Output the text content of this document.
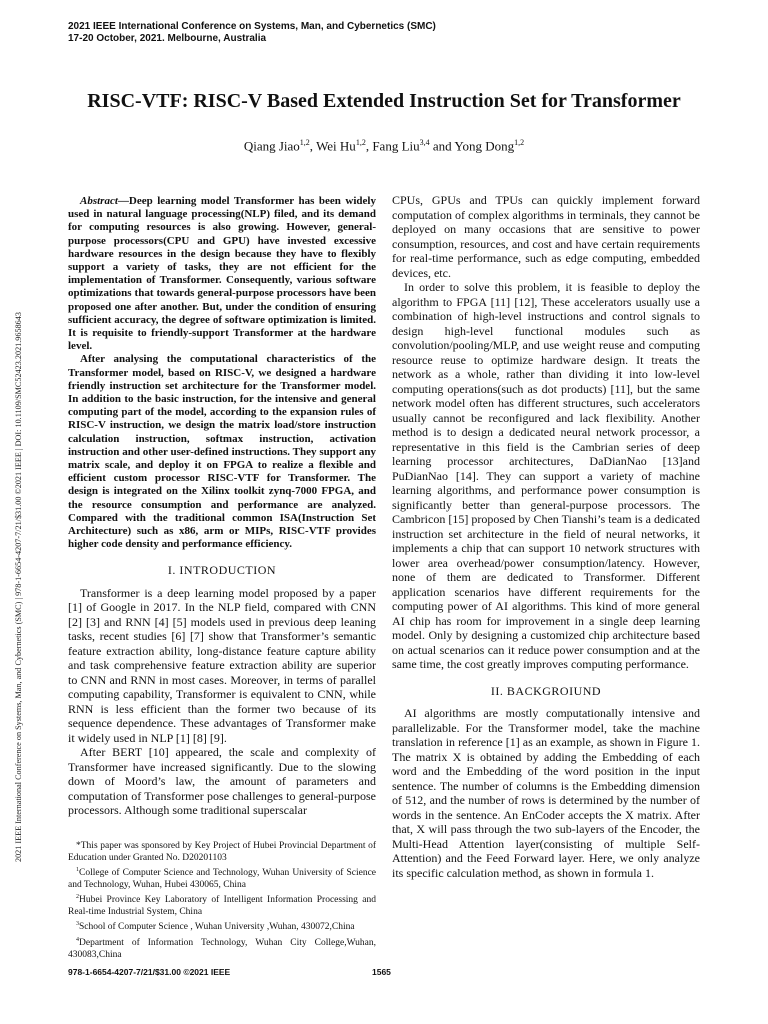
2021 IEEE International Conference on Systems, Man, and Cybernetics (SMC)
17-20 October, 2021. Melbourne, Australia
RISC-VTF: RISC-V Based Extended Instruction Set for Transformer
Qiang Jiao$^{1,2}$, Wei Hu$^{1,2}$, Fang Liu$^{3,4}$ and Yong Dong$^{1,2}$
2021 IEEE International Conference on Systems, Man, and Cybernetics (SMC) | 978-1-6654-4207-7/21/$31.00 ©2021 IEEE | DOI: 10.1109/SMC52423.2021.9658643

Abstract—Deep learning model Transformer has been widely used in natural language processing(NLP) filed, and its demand for computing resources is also growing. However, general-purpose processors(CPU and GPU) have invested excessive hardware resources in the design because they have to flexibly support a variety of tasks, they are not efficient for the implementation of Transformer. Consequently, various software optimizations that towards general-purpose processors have been proposed one after another. But, under the condition of ensuring sufficient accuracy, the degree of software optimization is limited. It is requisite to friendly-support Transformer at the hardware level.

After analysing the computational characteristics of the Transformer model, based on RISC-V, we designed a hardware friendly instruction set architecture for the Transformer model. In addition to the basic instruction, for the intensive and general computing part of the model, according to the expansion rules of RISC-V instruction, we design the matrix load/store instruction calculation instruction, softmax instruction, activation instruction and other user-defined instructions. They support any matrix scale, and deploy it on FPGA to realize a flexible and efficient custom processor RISC-VTF for Transformer. The design is integrated on the Xilinx toolkit zynq-7000 FPGA, and the resource consumption and performance are analyzed. Compared with the traditional common ISA(Instruction Set Architecture) such as x86, arm or MIPs, RISC-VTF provides higher code density and performance efficiency.

I. INTRODUCTION

Transformer is a deep learning model proposed by a paper [1] of Google in 2017. In the NLP field, compared with CNN [2] [3] and RNN [4] [5] models used in previous deep leaning tasks, recent studies [6] [7] show that Transformer’s semantic feature extraction ability, long-distance feature capture ability and task comprehensive feature extraction ability are superior to CNN and RNN in most cases. Moreover, in terms of parallel computing capability, Transformer is equivalent to CNN, while RNN is less efficient than the former two because of its sequence dependence. These advantages of Transformer make it widely used in NLP [1] [8] [9].

After BERT [10] appeared, the scale and complexity of Transformer have increased significantly. Due to the slowing down of Moord’s law, the amount of parameters and computation of Transformer pose challenges to general-purpose processors. Although some traditional superscalar

*This paper was sponsored by Key Project of Hubei Provincial Department of Education under Granted No. D20201103

$^1$College of Computer Science and Technology, Wuhan University of Science and Technology, Wuhan, Hubei 430065, China

$^2$Hubei Province Key Laboratory of Intelligent Information Processing and Real-time Industrial System, China

$^3$School of Computer Science , Wuhan University ,Wuhan, 430072,China

$^4$Department of Information Technology, Wuhan City College,Wuhan, 430083,China

CPUs, GPUs and TPUs can quickly implement forward computation of complex algorithms in terminals, they cannot be deployed on many occasions that are sensitive to power consumption, resources, and cost and have certain requirements for real-time performance, such as edge computing, embedded devices, etc.

In order to solve this problem, it is feasible to deploy the algorithm to FPGA [11] [12], These accelerators usually use a combination of high-level instructions and control signals to design high-level functional modules such as convolution/pooling/MLP, and use weight reuse and computing resource reuse to optimize hardware design. It treats the network as a whole, rather than dividing it into low-level computing operations(such as dot products) [11], but the same network model often has different structures, such accelerators usually cannot be reconfigured and lack flexibility. Another method is to design a dedicated neural network processor, a representative in this field is the Cambrian series of deep learning processor architectures, DaDianNao [13]and PuDianNao [14]. They can support a variety of machine learning algorithms, and performance power consumption is significantly better than general-purpose processors. The Cambricon [15] proposed by Chen Tianshi’s team is a dedicated instruction set architecture in the field of neural networks, it implements a chip that can support 10 network structures with lower area overhead/power consumption/latency. However, none of them are dedicated to Transformer. Different application scenarios have different requirements for the computing power of AI algorithms. This kind of more general AI chip has room for improvement in a single deep learning model. Only by designing a customized chip architecture based on actual scenarios can it reduce power consumption and at the same time, the cost greatly improves computing performance.

II. BACKGROIUND

AI algorithms are mostly computationally intensive and parallelizable. For the Transformer model, take the machine translation in reference [1] as an example, as shown in Figure 1. The matrix X is obtained by adding the Embedding of each word and the Embedding of the word position in the input sentence. The number of columns is the Embedding dimension of 512, and the number of rows is determined by the number of words in the sentence. An EnCoder accepts the X matrix. After that, X will pass through the two sub-layers of the Encoder, the Multi-Head Attention layer(consisting of multiple Self-Attention) and the Feed Forward layer. Here, we only analyze its specific calculation method, as shown in formula 1.

978-1-6654-4207-7/21/$31.00 ©2021 IEEE	1565
